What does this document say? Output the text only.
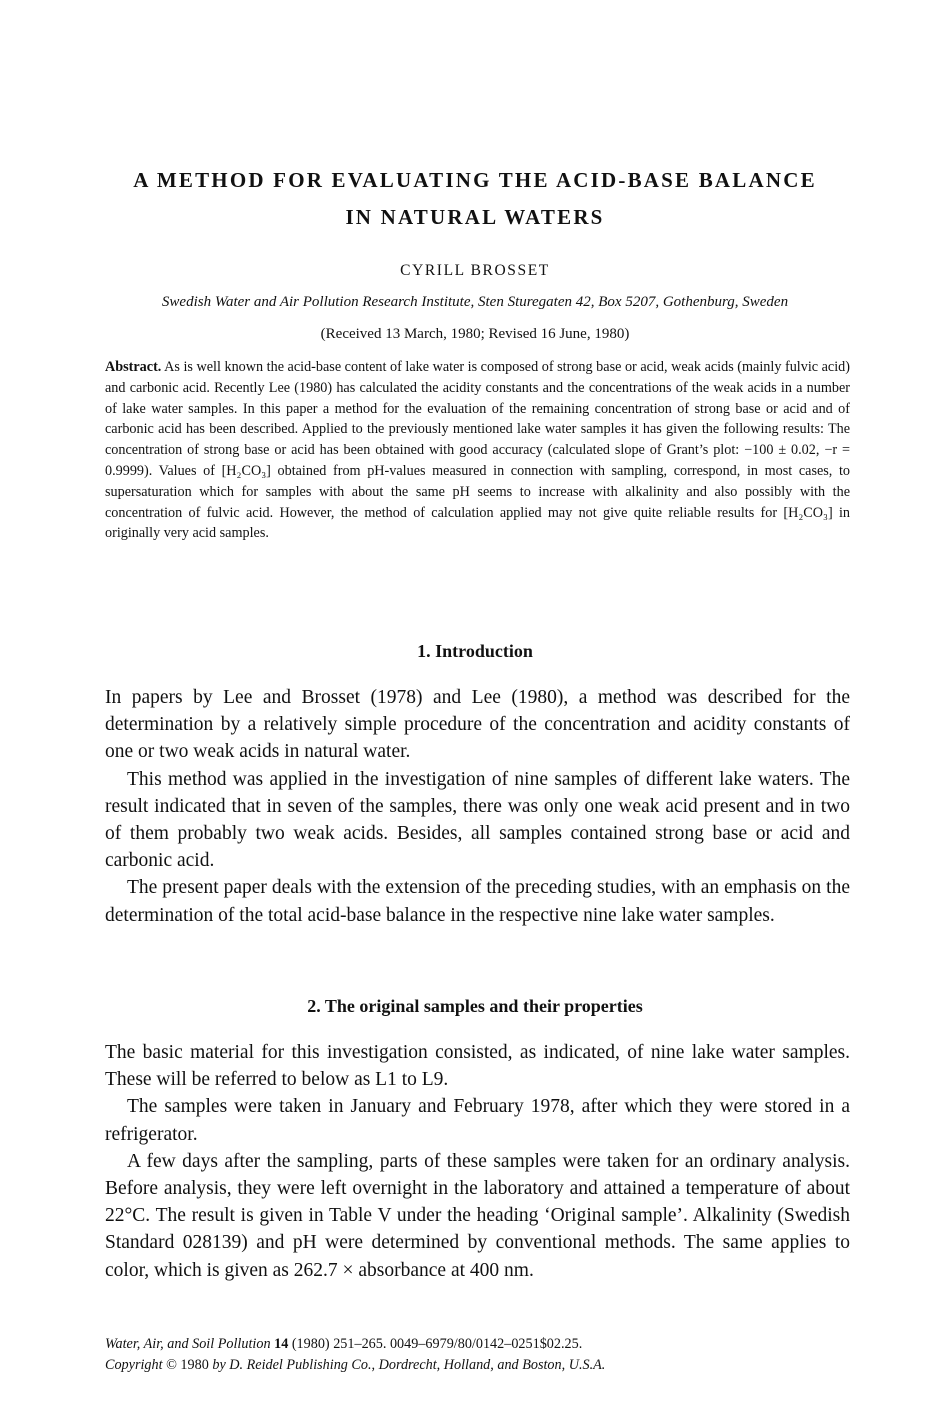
A METHOD FOR EVALUATING THE ACID-BASE BALANCE
IN NATURAL WATERS
CYRILL BROSSET
Swedish Water and Air Pollution Research Institute, Sten Sturegaten 42, Box 5207, Gothenburg, Sweden
(Received 13 March, 1980; Revised 16 June, 1980)
Abstract. As is well known the acid-base content of lake water is composed of strong base or acid, weak acids (mainly fulvic acid) and carbonic acid. Recently Lee (1980) has calculated the acidity constants and the concentrations of the weak acids in a number of lake water samples. In this paper a method for the evaluation of the remaining concentration of strong base or acid and of carbonic acid has been described. Applied to the previously mentioned lake water samples it has given the following results: The concentration of strong base or acid has been obtained with good accuracy (calculated slope of Grant’s plot: −100 ± 0.02, −r = 0.9999). Values of [H₂CO₃] obtained from pH-values measured in connection with sampling, correspond, in most cases, to supersaturation which for samples with about the same pH seems to increase with alkalinity and also possibly with the concentration of fulvic acid. However, the method of calculation applied may not give quite reliable results for [H₂CO₃] in originally very acid samples.
1. Introduction

In papers by Lee and Brosset (1978) and Lee (1980), a method was described for the determination by a relatively simple procedure of the concentration and acidity constants of one or two weak acids in natural water.

This method was applied in the investigation of nine samples of different lake waters. The result indicated that in seven of the samples, there was only one weak acid present and in two of them probably two weak acids. Besides, all samples contained strong base or acid and carbonic acid.

The present paper deals with the extension of the preceding studies, with an emphasis on the determination of the total acid-base balance in the respective nine lake water samples.

2. The original samples and their properties

The basic material for this investigation consisted, as indicated, of nine lake water samples. These will be referred to below as L1 to L9.

The samples were taken in January and February 1978, after which they were stored in a refrigerator.

A few days after the sampling, parts of these samples were taken for an ordinary analysis. Before analysis, they were left overnight in the laboratory and attained a temperature of about 22°C. The result is given in Table V under the heading ‘Original sample’. Alkalinity (Swedish Standard 028139) and pH were determined by conventional methods. The same applies to color, which is given as 262.7 × absorbance at 400 nm.

Water, Air, and Soil Pollution 14 (1980) 251–265. 0049–6979/80/0142–0251$02.25.
Copyright © 1980 by D. Reidel Publishing Co., Dordrecht, Holland, and Boston, U.S.A.
